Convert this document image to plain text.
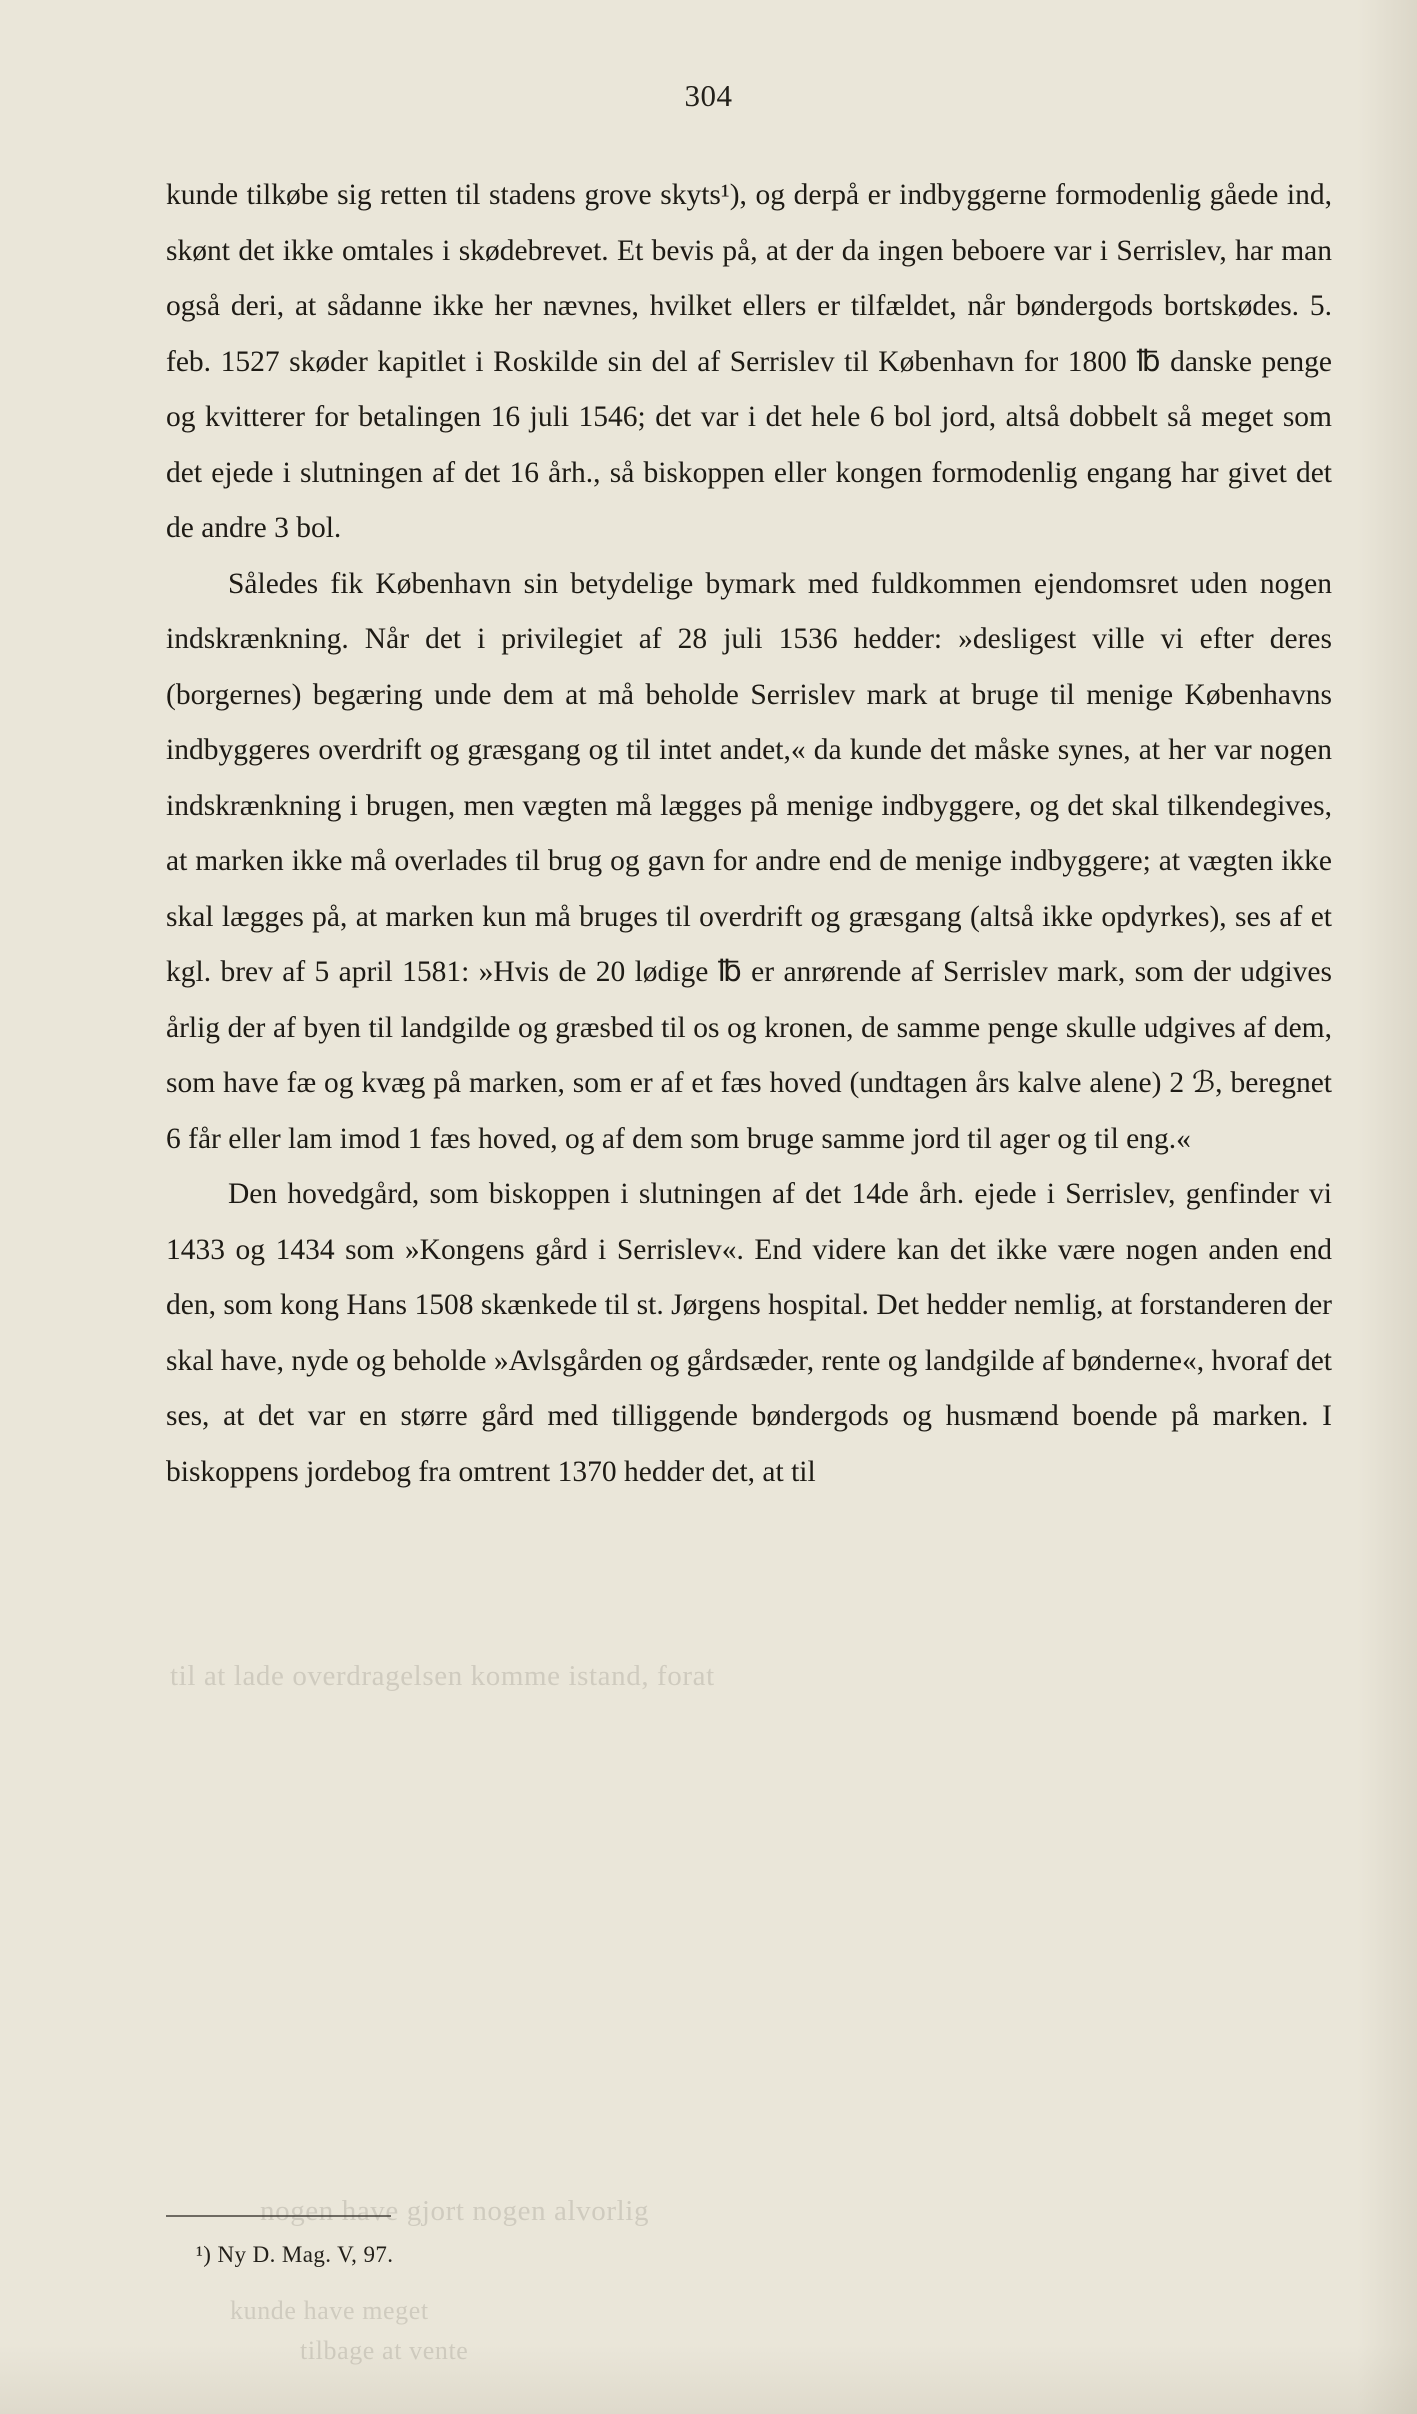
304

kunde tilkøbe sig retten til stadens grove skyts¹), og derpå er indbyggerne formodenlig gåede ind, skønt det ikke omtales i skødebrevet. Et bevis på, at der da ingen beboere var i Serrislev, har man også deri, at sådanne ikke her nævnes, hvilket ellers er tilfældet, når bøndergods bortskødes. 5. feb. 1527 skøder kapitlet i Roskilde sin del af Serrislev til København for 1800 ℔ danske penge og kvitterer for betalingen 16 juli 1546; det var i det hele 6 bol jord, altså dobbelt så meget som det ejede i slutningen af det 16 årh., så biskoppen eller kongen formodenlig engang har givet det de andre 3 bol.

Således fik København sin betydelige bymark med fuldkommen ejendomsret uden nogen indskrænkning. Når det i privilegiet af 28 juli 1536 hedder: »desligest ville vi efter deres (borgernes) begæring unde dem at må beholde Serrislev mark at bruge til menige Københavns indbyggeres overdrift og græsgang og til intet andet,« da kunde det måske synes, at her var nogen indskrænkning i brugen, men vægten må lægges på menige indbyggere, og det skal tilkendegives, at marken ikke må overlades til brug og gavn for andre end de menige indbyggere; at vægten ikke skal lægges på, at marken kun må bruges til overdrift og græsgang (altså ikke opdyrkes), ses af et kgl. brev af 5 april 1581: »Hvis de 20 lødige ℔ er anrørende af Serrislev mark, som der udgives årlig der af byen til landgilde og græsbed til os og kronen, de samme penge skulle udgives af dem, som have fæ og kvæg på marken, som er af et fæs hoved (undtagen års kalve alene) 2 ℬ, beregnet 6 får eller lam imod 1 fæs hoved, og af dem som bruge samme jord til ager og til eng.«

Den hovedgård, som biskoppen i slutningen af det 14de årh. ejede i Serrislev, genfinder vi 1433 og 1434 som »Kongens gård i Serrislev«. End videre kan det ikke være nogen anden end den, som kong Hans 1508 skænkede til st. Jørgens hospital. Det hedder nemlig, at forstanderen der skal have, nyde og beholde »Avlsgården og gårdsæder, rente og landgilde af bønderne«, hvoraf det ses, at det var en større gård med tilliggende bøndergods og husmænd boende på marken. I biskoppens jordebog fra omtrent 1370 hedder det, at til

til at lade overdragelsen komme istand, forat
nogen have gjort nogen alvorlig
kunde have meget
¹) Ny D. Mag. V, 97.
